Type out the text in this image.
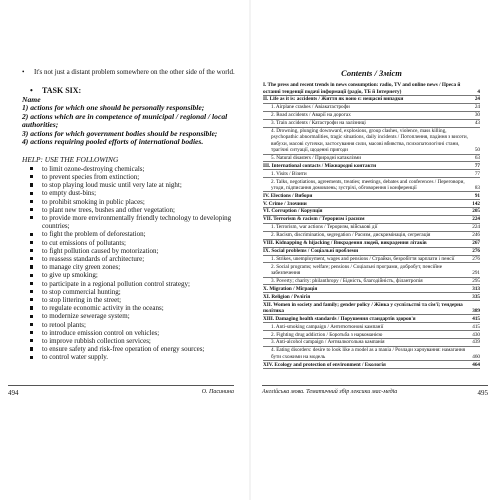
• It's not just a distant problem somewhere on the other side of the world.
• TASK SIX:
Name
1) actions for which one should be personally responsible;
2) actions which are in competence of municipal / regional / local authorities;
3) actions for which government bodies should be responsible;
4) actions requiring pooled efforts of international bodies.
HELP: USE THE FOLLOWING
to limit ozone-destroying chemicals;
to prevent species from extinction;
to stop playing loud music until very late at night;
to empty dust-bins;
to prohibit smoking in public places;
to plant new trees, bushes and other vegetation;
to provide more environmentally friendly technology to developing countries;
to fight the problem of deforestation;
to cut emissions of pollutants;
to fight pollution caused by motorization;
to reassess standards of architecture;
to manage city green zones;
to give up smoking;
to participate in a regional pollution control strategy;
to stop commercial hunting;
to stop littering in the street;
to regulate economic activity in the oceans;
to modernize sewerage system;
to retool plants;
to introduce emission control on vehicles;
to improve rubbish collection services;
to ensure safety and risk-free operation of energy sources;
to control water supply.
494	О. Пасинина
Contents / Зміст
I. The press and recent trends in news consumption: radio, TV and online news / Преса й останні тенденції подачі інформації (радіо, ТБ й Інтернету)	4
II. Life as it is: accidents / Життя як воно є: нещасні випадки	24
1. Airplane crashes / Авіакатастрофи	24
2. Road accidents / Аварії на дорогах	30
3. Train accidents / Катастрофи на залізниці	43
4. Drowning, plunging downward, explosions, group clashes, violence, mass killing, psychopathic abnormalities, tragic situations, daily incidents / Потоплення, падіння з висоти, вибухи, масові сутички, застосування сили, масові вбивства, психопатологічні стани, трагічні ситуації, щоденні пригоди	50
5. Natural disasters / Природні катаклізми	63
III. International contacts / Міжнародні контакти	77
1. Visits / Візити	77
2. Talks, negotiations, agreements, treaties; meetings, debates and conferences / Переговори, угоди, підписання домовлень; зустрічі, обговорення і конференції	83
IV. Elections / Вибори	91
V. Crime / Злочини	142
VI. Corruption / Корупція	205
VII. Terrorism & racism / Тероризм і расизм	224
1. Terrorism, war actions / Тероризм, військові дії	224
2. Racism, discrimination, segregation / Расизм, дискримінація, сегрегація	246
VIII. Kidnapping & hijacking / Викрадення людей, викрадення літаків	267
IX. Social problems / Соціальні проблеми	276
1. Strikes, unemployment, wages and pensions / Страйки, безробіття зарплати і пенсії	276
2. Social programs; welfare; pensions / Соціальні програми, добробут, пенсійне забезпечення	291
3. Poverty; charity: philanthropy / Бідність, благодійність, філантропія	295
X. Migration / Міграція	313
XI. Religion / Релігія	335
XII. Women in society and family; gender policy / Жінка у суспільстві та сім'ї; тендерна політика	389
XIII. Damaging health standards / Порушення стандартів здоров'я	415
1. Anti-smoking campaign / Антитютюнові кампанії	415
2. Fighting drug addiction / Боротьба з наркоманією	430
3. Anti-alcohol campaign / Антиалкогольна кампанія	439
4. Eating disorders: desire to look like a model as a mania / Розлади харчування: намагання бути схожими на модель	460
XIV. Ecology and protection of environment / Екологія	464
Англійська мова. Тематичний збір лексики мас-медіа	495
